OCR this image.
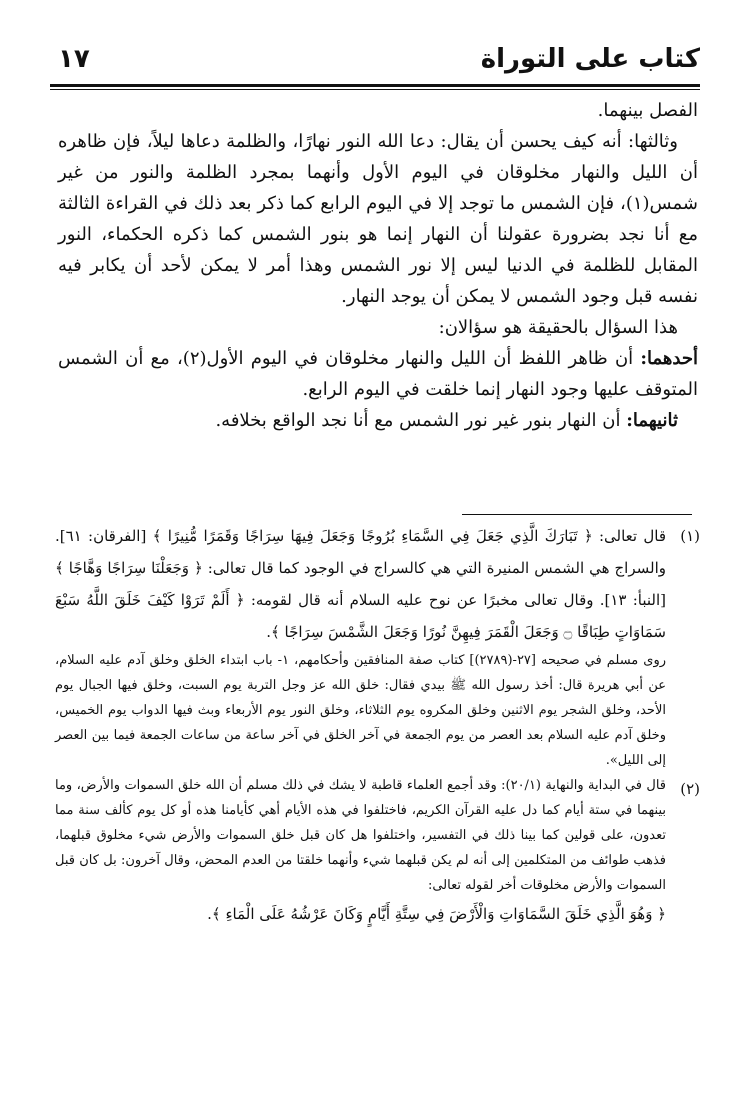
كتاب على التوراة
١٧

الفصل بينهما.

وثالثها: أنه كيف يحسن أن يقال: دعا الله النور نهارًا، والظلمة دعاها ليلاً، فإن ظاهره أن الليل والنهار مخلوقان في اليوم الأول وأنهما بمجرد الظلمة والنور من غير شمس(١)، فإن الشمس ما توجد إلا في اليوم الرابع كما ذكر بعد ذلك في القراءة الثالثة مع أنا نجد بضرورة عقولنا أن النهار إنما هو بنور الشمس كما ذكره الحكماء، النور المقابل للظلمة في الدنيا ليس إلا نور الشمس وهذا أمر لا يمكن لأحد أن يكابر فيه نفسه قبل وجود الشمس لا يمكن أن يوجد النهار.

هذا السؤال بالحقيقة هو سؤالان:

أحدهما: أن ظاهر اللفظ أن الليل والنهار مخلوقان في اليوم الأول(٢)، مع أن الشمس المتوقف عليها وجود النهار إنما خلقت في اليوم الرابع.

ثانيهما: أن النهار بنور غير نور الشمس مع أنا نجد الواقع بخلافه.

(١)

قال تعالى: ﴿ تَبَارَكَ الَّذِي جَعَلَ فِي السَّمَاءِ بُرُوجًا وَجَعَلَ فِيهَا سِرَاجًا وَقَمَرًا مُّنِيرًا ﴾ [الفرقان: ٦١]. والسراج هي الشمس المنيرة التي هي كالسراج في الوجود كما قال تعالى: ﴿ وَجَعَلْنَا سِرَاجًا وَهَّاجًا ﴾ [النبأ: ١٣]. وقال تعالى مخبرًا عن نوح عليه السلام أنه قال لقومه: ﴿ أَلَمْ تَرَوْا كَيْفَ خَلَقَ اللَّهُ سَبْعَ سَمَاوَاتٍ طِبَاقًا ۝ وَجَعَلَ الْقَمَرَ فِيهِنَّ نُورًا وَجَعَلَ الشَّمْسَ سِرَاجًا ﴾.

روى مسلم في صحيحه [٢٧-(٢٧٨٩)] كتاب صفة المنافقين وأحكامهم، ١- باب ابتداء الخلق وخلق آدم عليه السلام، عن أبي هريرة قال: أخذ رسول الله ﷺ بيدي فقال: خلق الله عز وجل التربة يوم السبت، وخلق فيها الجبال يوم الأحد، وخلق الشجر يوم الاثنين وخلق المكروه يوم الثلاثاء، وخلق النور يوم الأربعاء وبث فيها الدواب يوم الخميس، وخلق آدم عليه السلام بعد العصر من يوم الجمعة في آخر الخلق في آخر ساعة من ساعات الجمعة فيما بين العصر إلى الليل».

(٢)

قال في البداية والنهاية (٢٠/١): وقد أجمع العلماء قاطبة لا يشك في ذلك مسلم أن الله خلق السموات والأرض، وما بينهما في ستة أيام كما دل عليه القرآن الكريم، فاختلفوا في هذه الأيام أهي كأيامنا هذه أو كل يوم كألف سنة مما تعدون، على قولين كما بينا ذلك في التفسير، واختلفوا هل كان قبل خلق السموات والأرض شيء مخلوق قبلهما، فذهب طوائف من المتكلمين إلى أنه لم يكن قبلهما شيء وأنهما خلقتا من العدم المحض، وقال آخرون: بل كان قبل السموات والأرض مخلوقات أخر لقوله تعالى:

﴿ وَهُوَ الَّذِي خَلَقَ السَّمَاوَاتِ وَالْأَرْضَ فِي سِتَّةِ أَيَّامٍ وَكَانَ عَرْشُهُ عَلَى الْمَاءِ ﴾.
